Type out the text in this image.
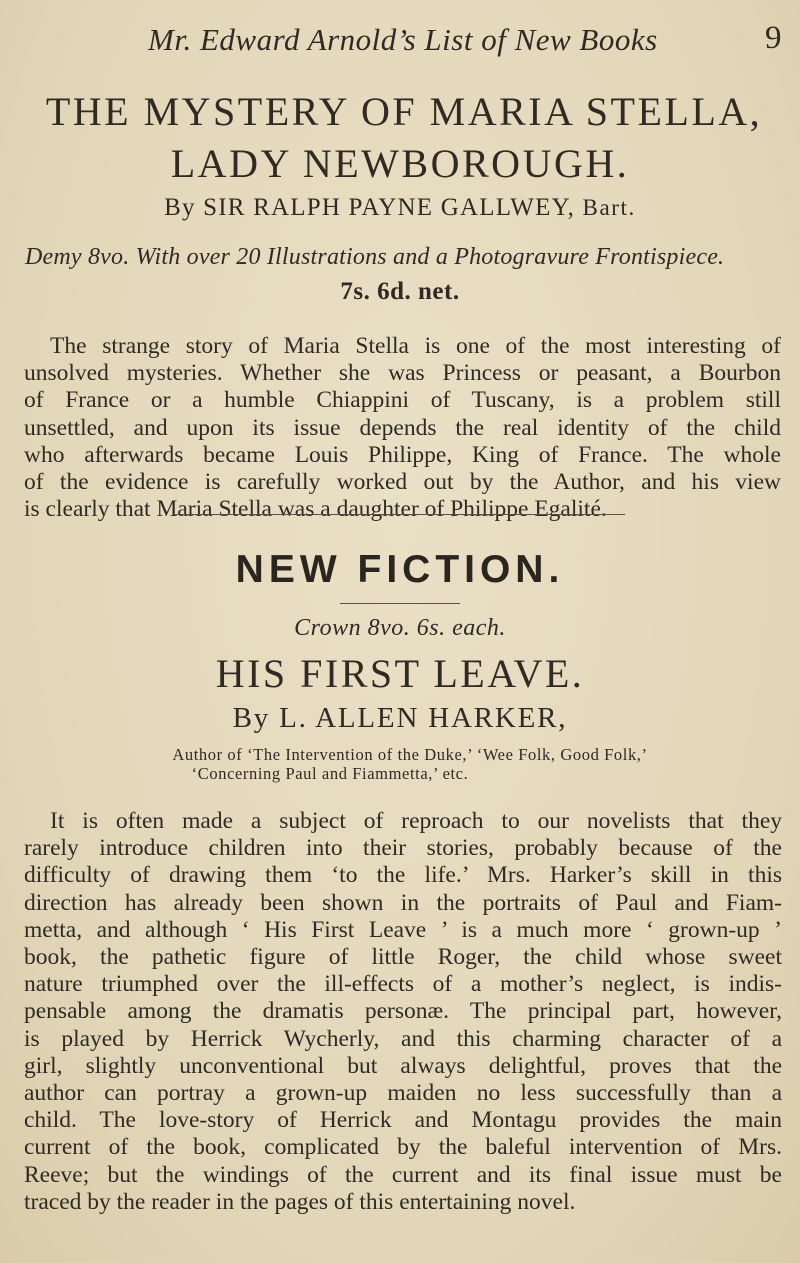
Mr. Edward Arnold’s List of New Books	9
THE MYSTERY OF MARIA STELLA,
LADY NEWBOROUGH.
By SIR RALPH PAYNE GALLWEY, Bart.
Demy 8vo. With over 20 Illustrations and a Photogravure Frontispiece.
7s. 6d. net.
The strange story of Maria Stella is one of the most interesting of
unsolved mysteries. Whether she was Princess or peasant, a Bourbon
of France or a humble Chiappini of Tuscany, is a problem still
unsettled, and upon its issue depends the real identity of the child
who afterwards became Louis Philippe, King of France. The whole
of the evidence is carefully worked out by the Author, and his view
is clearly that Maria Stella was a daughter of Philippe Egalité.
NEW FICTION.
Crown 8vo. 6s. each.
HIS FIRST LEAVE.
By L. ALLEN HARKER,
Author of ‘The Intervention of the Duke,’ ‘Wee Folk, Good Folk,’
‘Concerning Paul and Fiammetta,’ etc.
It is often made a subject of reproach to our novelists that they
rarely introduce children into their stories, probably because of the
difficulty of drawing them ‘to the life.’ Mrs. Harker’s skill in this
direction has already been shown in the portraits of Paul and Fiam-
metta, and although ‘ His First Leave ’ is a much more ‘ grown-up ’
book, the pathetic figure of little Roger, the child whose sweet
nature triumphed over the ill-effects of a mother’s neglect, is indis-
pensable among the dramatis personæ. The principal part, however,
is played by Herrick Wycherly, and this charming character of a
girl, slightly unconventional but always delightful, proves that the
author can portray a grown-up maiden no less successfully than a
child. The love-story of Herrick and Montagu provides the main
current of the book, complicated by the baleful intervention of Mrs.
Reeve; but the windings of the current and its final issue must be
traced by the reader in the pages of this entertaining novel.
